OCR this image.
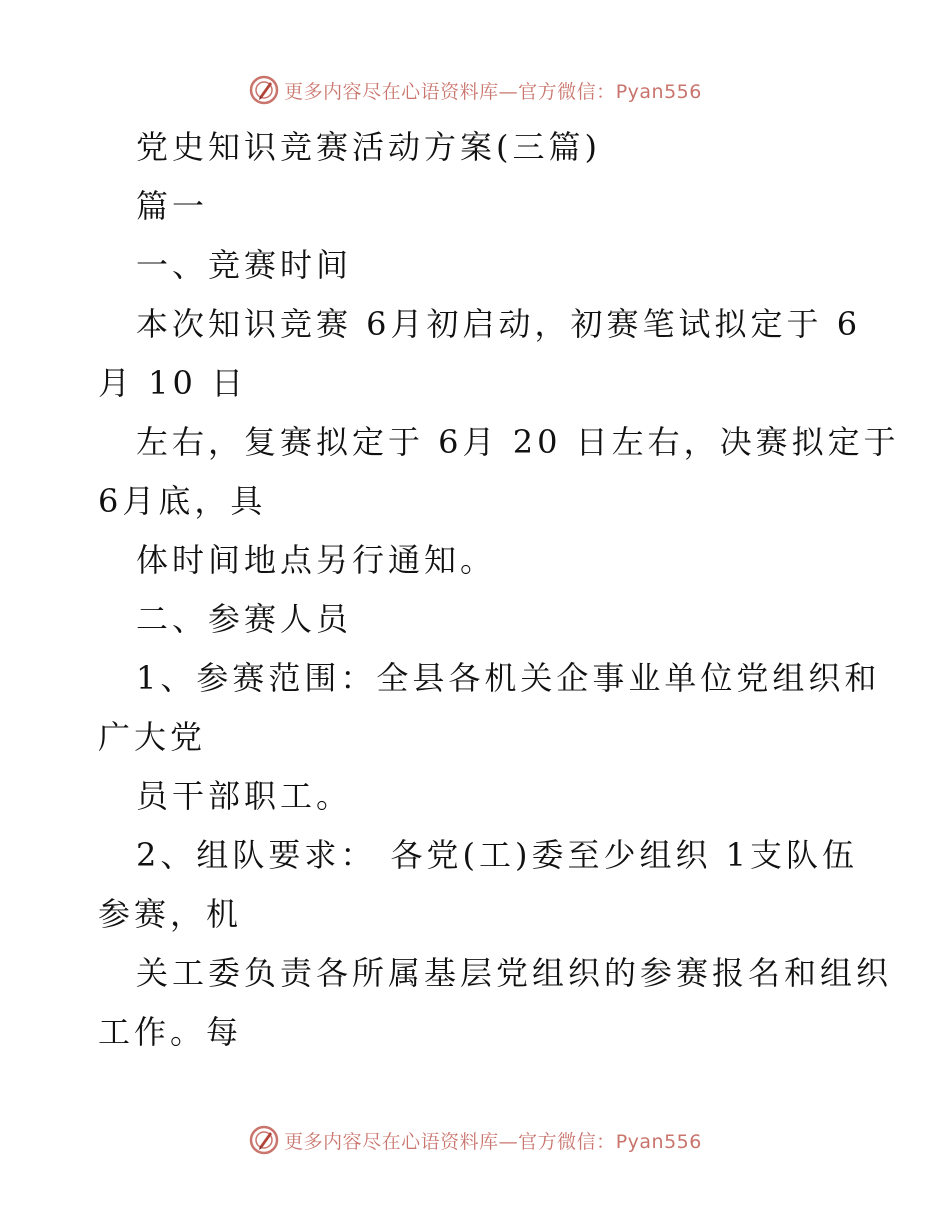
更多内容尽在心语资料库—官方微信：Pyan556
党史知识竞赛活动方案(三篇)
篇一
一、竞赛时间
本次知识竞赛 6月初启动，初赛笔试拟定于 6
月 10 日
左右，复赛拟定于 6月 20 日左右，决赛拟定于
6月底，具
体时间地点另行通知。
二、参赛人员
1、参赛范围：全县各机关企事业单位党组织和
广大党
员干部职工。
2、组队要求： 各党(工)委至少组织 1支队伍
参赛，机
关工委负责各所属基层党组织的参赛报名和组织
工作。每
更多内容尽在心语资料库—官方微信：Pyan556
